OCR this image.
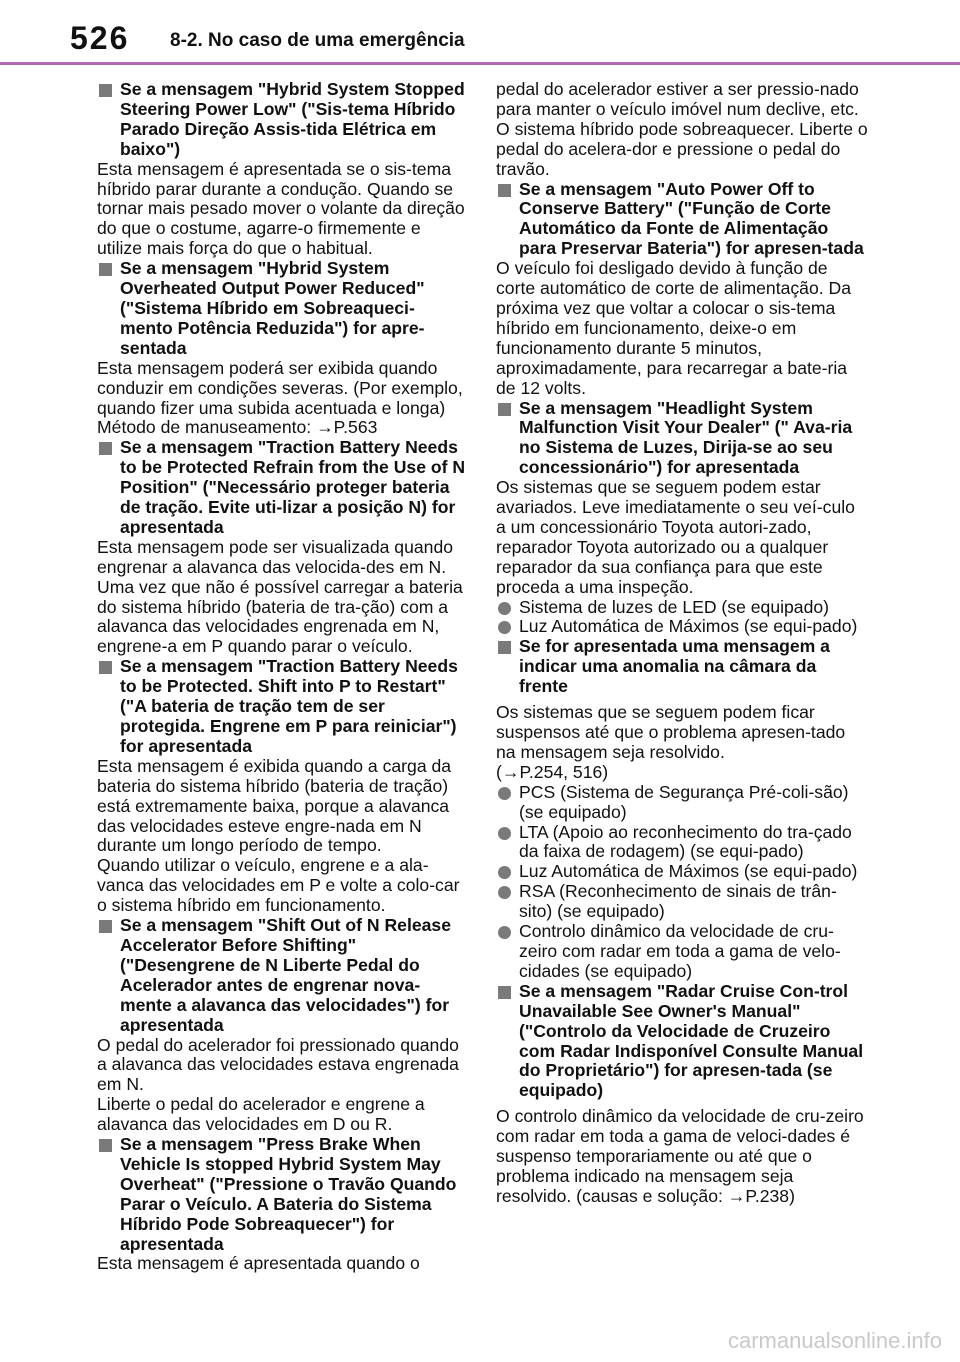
526 8-2. No caso de uma emergência
Se a mensagem "Hybrid System Stopped Steering Power Low" ("Sis-tema Híbrido Parado Direção Assis-tida Elétrica em baixo")
Esta mensagem é apresentada se o sis-tema híbrido parar durante a condução. Quando se tornar mais pesado mover o volante da direção do que o costume, agarre-o firmemente e utilize mais força do que o habitual.
Se a mensagem "Hybrid System Overheated Output Power Reduced" ("Sistema Híbrido em Sobreaqueci-mento Potência Reduzida") for apre-sentada
Esta mensagem poderá ser exibida quando conduzir em condições severas. (Por exemplo, quando fizer uma subida acentuada e longa)
Método de manuseamento: →P.563
Se a mensagem "Traction Battery Needs to be Protected Refrain from the Use of N Position" ("Necessário proteger bateria de tração. Evite uti-lizar a posição N) for apresentada
Esta mensagem pode ser visualizada quando engrenar a alavanca das velocida-des em N.
Uma vez que não é possível carregar a bateria do sistema híbrido (bateria de tra-ção) com a alavanca das velocidades engrenada em N, engrene-a em P quando parar o veículo.
Se a mensagem "Traction Battery Needs to be Protected. Shift into P to Restart" ("A bateria de tração tem de ser protegida. Engrene em P para reiniciar") for apresentada
Esta mensagem é exibida quando a carga da bateria do sistema híbrido (bateria de tração) está extremamente baixa, porque a alavanca das velocidades esteve engre-nada em N durante um longo período de tempo.
Quando utilizar o veículo, engrene e a ala-vanca das velocidades em P e volte a colo-car o sistema híbrido em funcionamento.
Se a mensagem "Shift Out of N Release Accelerator Before Shifting" ("Desengrene de N Liberte Pedal do Acelerador antes de engrenar nova-mente a alavanca das velocidades") for apresentada
O pedal do acelerador foi pressionado quando a alavanca das velocidades estava engrenada em N.
Liberte o pedal do acelerador e engrene a alavanca das velocidades em D ou R.
Se a mensagem "Press Brake When Vehicle Is stopped Hybrid System May Overheat" ("Pressione o Travão Quando Parar o Veículo. A Bateria do Sistema Híbrido Pode Sobreaquecer") for apresentada
Esta mensagem é apresentada quando o
pedal do acelerador estiver a ser pressio-nado para manter o veículo imóvel num declive, etc. O sistema híbrido pode sobreaquecer. Liberte o pedal do acelera-dor e pressione o pedal do travão.
Se a mensagem "Auto Power Off to Conserve Battery" ("Função de Corte Automático da Fonte de Alimentação para Preservar Bateria") for apresen-tada
O veículo foi desligado devido à função de corte automático de corte de alimentação. Da próxima vez que voltar a colocar o sis-tema híbrido em funcionamento, deixe-o em funcionamento durante 5 minutos, aproximadamente, para recarregar a bate-ria de 12 volts.
Se a mensagem "Headlight System Malfunction Visit Your Dealer" (" Ava-ria no Sistema de Luzes, Dirija-se ao seu concessionário") for apresentada
Os sistemas que se seguem podem estar avariados. Leve imediatamente o seu veí-culo a um concessionário Toyota autori-zado, reparador Toyota autorizado ou a qualquer reparador da sua confiança para que este proceda a uma inspeção.
Sistema de luzes de LED (se equipado)
Luz Automática de Máximos (se equi-pado)
Se for apresentada uma mensagem a indicar uma anomalia na câmara da frente
Os sistemas que se seguem podem ficar suspensos até que o problema apresen-tado na mensagem seja resolvido.
(→P.254, 516)
PCS (Sistema de Segurança Pré-coli-são) (se equipado)
LTA (Apoio ao reconhecimento do tra-çado da faixa de rodagem) (se equi-pado)
Luz Automática de Máximos (se equi-pado)
RSA (Reconhecimento de sinais de trân-sito) (se equipado)
Controlo dinâmico da velocidade de cru-zeiro com radar em toda a gama de velo-cidades (se equipado)
Se a mensagem "Radar Cruise Con-trol Unavailable See Owner's Manual" ("Controlo da Velocidade de Cruzeiro com Radar Indisponível Consulte Manual do Proprietário") for apresen-tada (se equipado)
O controlo dinâmico da velocidade de cru-zeiro com radar em toda a gama de veloci-dades é suspenso temporariamente ou até que o problema indicado na mensagem seja resolvido. (causas e solução: →P.238)
carmanualsonline.info
